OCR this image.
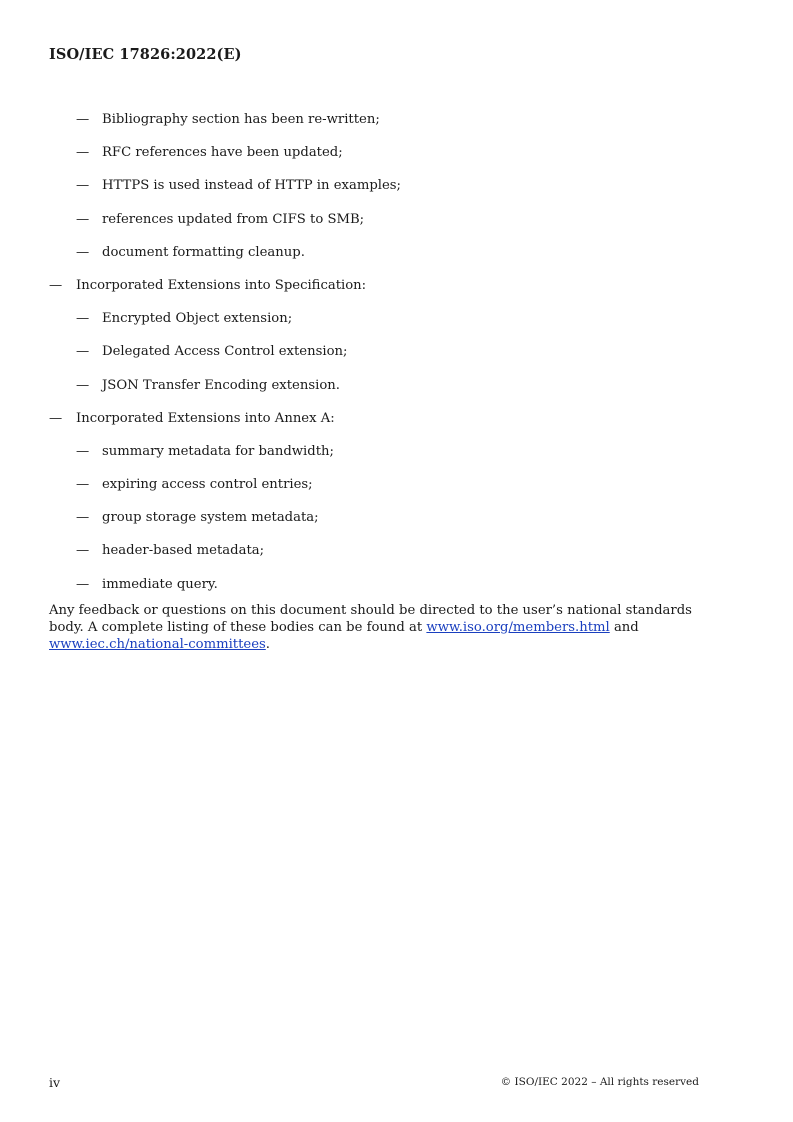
ISO/IEC 17826:2022(E)
— Bibliography section has been re-written;
— RFC references have been updated;
— HTTPS is used instead of HTTP in examples;
— references updated from CIFS to SMB;
— document formatting cleanup.
— Incorporated Extensions into Specification:
— Encrypted Object extension;
— Delegated Access Control extension;
— JSON Transfer Encoding extension.
— Incorporated Extensions into Annex A:
— summary metadata for bandwidth;
— expiring access control entries;
— group storage system metadata;
— header-based metadata;
— immediate query.

Any feedback or questions on this document should be directed to the user’s national standards body. A complete listing of these bodies can be found at www.iso.org/members.html and www.iec.ch/national-committees.

iv	© ISO/IEC 2022 – All rights reserved
